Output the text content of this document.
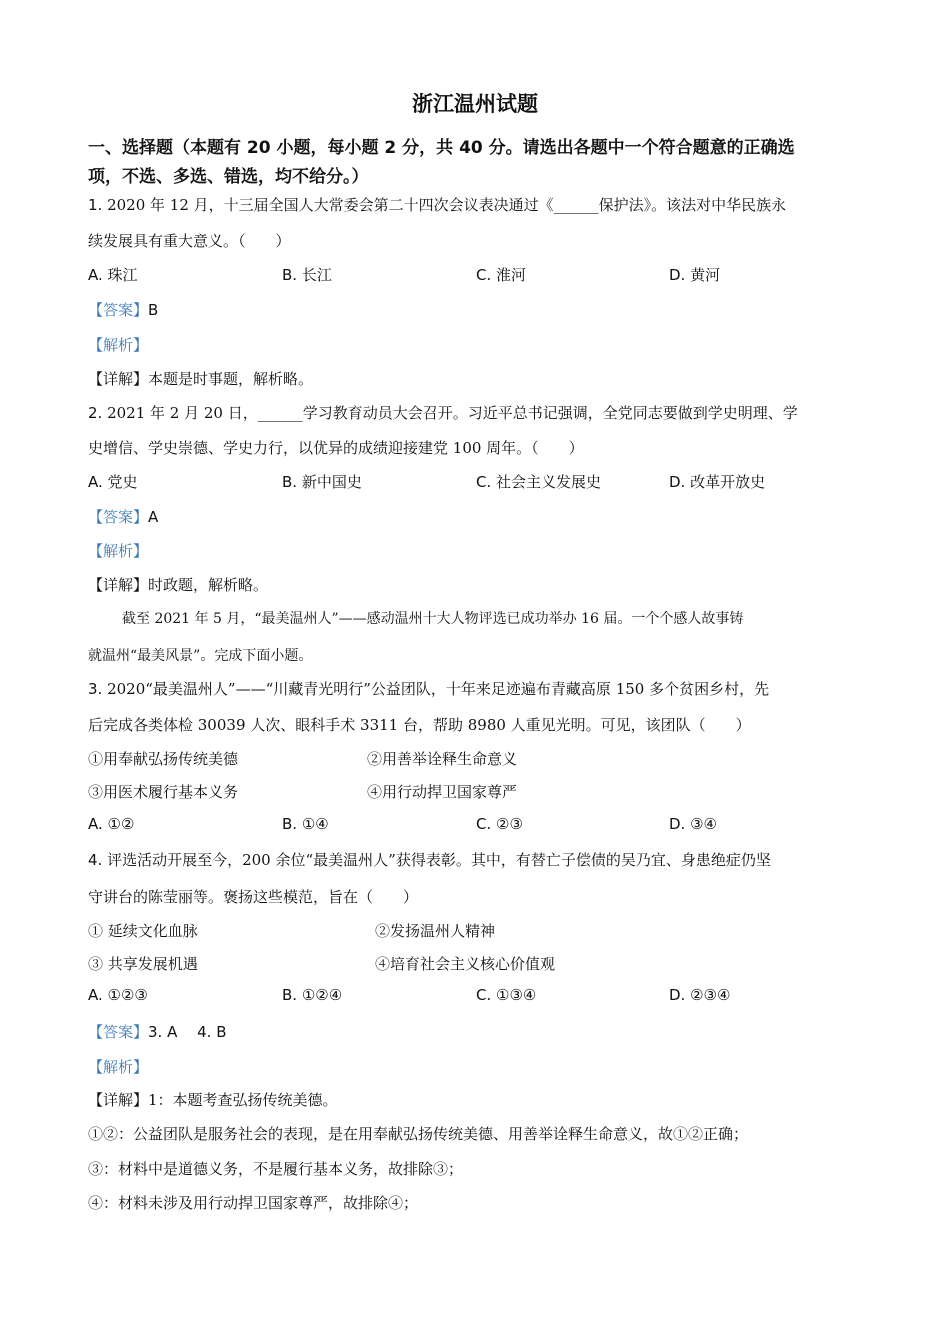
浙江温州试题
一、选择题（本题有 20 小题，每小题 2 分，共 40 分。请选出各题中一个符合题意的正确选
项，不选、多选、错选，均不给分。）
1. 2020 年 12 月，十三届全国人大常委会第二十四次会议表决通过《______保护法》。该法对中华民族永
续发展具有重大意义。（　　）
A. 珠江	B. 长江	C. 淮河	D. 黄河
【答案】B
【解析】
【详解】本题是时事题，解析略。
2. 2021 年 2 月 20 日，______学习教育动员大会召开。习近平总书记强调，全党同志要做到学史明理、学
史增信、学史崇德、学史力行，以优异的成绩迎接建党 100 周年。（　　）
A. 党史	B. 新中国史	C. 社会主义发展史	D. 改革开放史
【答案】A
【解析】
【详解】时政题，解析略。
截至 2021 年 5 月，“最美温州人”——感动温州十大人物评选已成功举办 16 届。一个个感人故事铸
就温州“最美风景”。完成下面小题。
3. 2020“最美温州人”——“川藏青光明行”公益团队，十年来足迹遍布青藏高原 150 多个贫困乡村，先
后完成各类体检 30039 人次、眼科手术 3311 台，帮助 8980 人重见光明。可见，该团队（　　）
①用奉献弘扬传统美德	②用善举诠释生命意义
③用医术履行基本义务	④用行动捍卫国家尊严
A. ①②	B. ①④	C. ②③	D. ③④
4. 评选活动开展至今，200 余位“最美温州人”获得表彰。其中，有替亡子偿债的吴乃宜、身患绝症仍坚
守讲台的陈莹丽等。褒扬这些模范，旨在（　　）
① 延续文化血脉	②发扬温州人精神
③ 共享发展机遇	④培育社会主义核心价值观
A. ①②③	B. ①②④	C. ①③④	D. ②③④
【答案】3. A　 4. B
【解析】
【详解】1：本题考查弘扬传统美德。
①②：公益团队是服务社会的表现，是在用奉献弘扬传统美德、用善举诠释生命意义，故①②正确；
③：材料中是道德义务，不是履行基本义务，故排除③；
④：材料未涉及用行动捍卫国家尊严，故排除④；
